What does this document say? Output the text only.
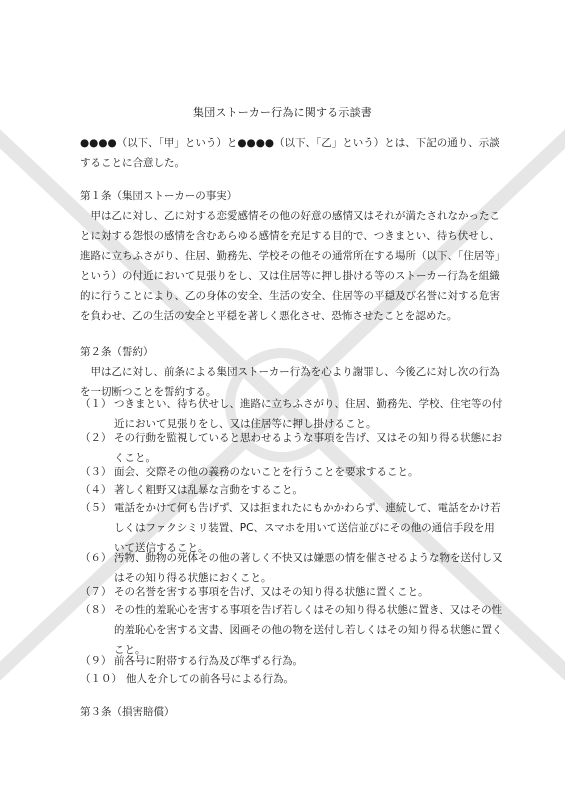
集団ストーカー行為に関する示談書

●●●●（以下、「甲」という）と●●●●（以下、「乙」という）とは、下記の通り、示談することに合意した。

第１条（集団ストーカーの事実）

甲は乙に対し、乙に対する恋愛感情その他の好意の感情又はそれが満たされなかったことに対する怨恨の感情を含むあらゆる感情を充足する目的で、つきまとい、待ち伏せし、進路に立ちふさがり、住居、勤務先、学校その他その通常所在する場所（以下、「住居等」という）の付近において見張りをし、又は住居等に押し掛ける等のストーカー行為を組織的に行うことにより、乙の身体の安全、生活の安全、住居等の平穏及び名誉に対する危害を負わせ、乙の生活の安全と平穏を著しく悪化させ、恐怖させたことを認めた。

第２条（誓約）

甲は乙に対し、前条による集団ストーカー行為を心より謝罪し、今後乙に対し次の行為を一切断つことを誓約する。

（１） つきまとい、待ち伏せし、進路に立ちふさがり、住居、勤務先、学校、住宅等の付近において見張りをし、又は住居等に押し掛けること。
（２） その行動を監視していると思わせるような事項を告げ、又はその知り得る状態におくこと。
（３） 面会、交際その他の義務のないことを行うことを要求すること。
（４） 著しく粗野又は乱暴な言動をすること。
（５） 電話をかけて何も告げず、又は拒まれたにもかかわらず、連続して、電話をかけ若しくはファクシミリ装置、PC、スマホを用いて送信並びにその他の通信手段を用いて送信すること。
（６） 汚物、動物の死体その他の著しく不快又は嫌悪の情を催させるような物を送付し又はその知り得る状態におくこと。
（７） その名誉を害する事項を告げ、又はその知り得る状態に置くこと。
（８） その性的羞恥心を害する事項を告げ若しくはその知り得る状態に置き、又はその性的羞恥心を害する文書、図画その他の物を送付し若しくはその知り得る状態に置くこと。
（９） 前各号に附帯する行為及び準ずる行為。
（１０） 他人を介しての前各号による行為。
第３条（損害賠償）
